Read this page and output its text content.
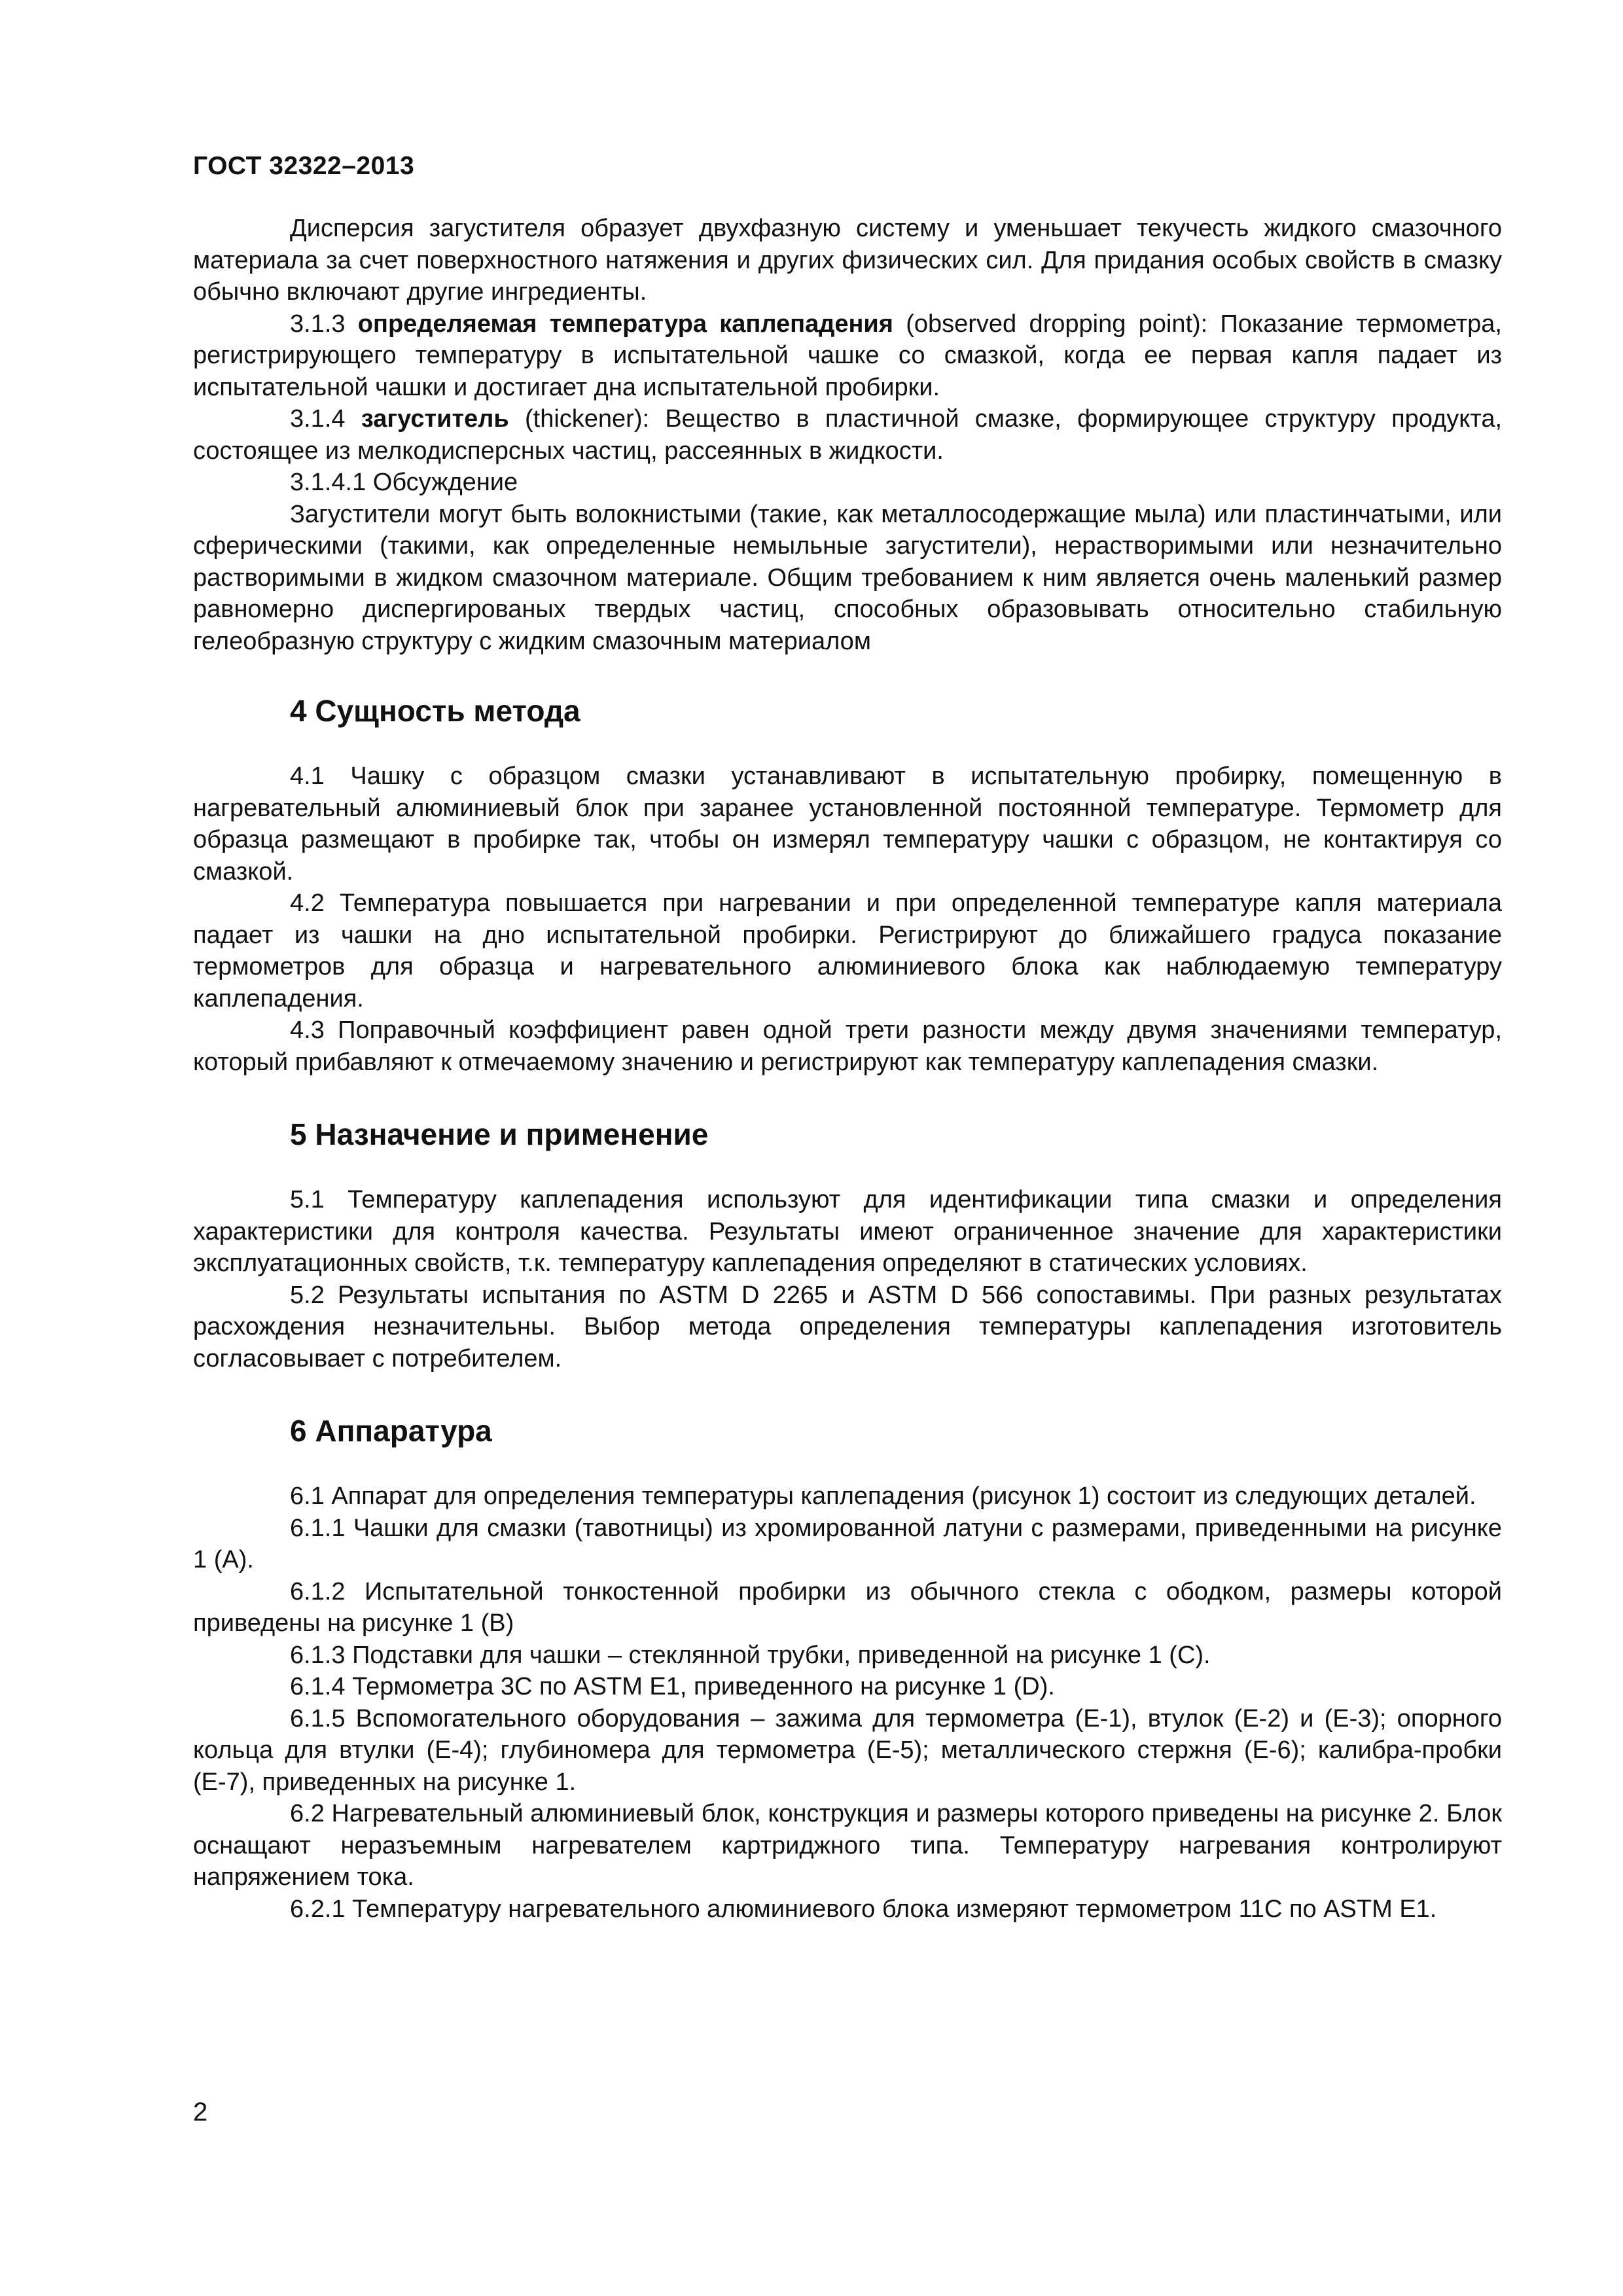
ГОСТ 32322–2013

Дисперсия загустителя образует двухфазную систему и уменьшает текучесть жидкого смазочного материала за счет поверхностного натяжения и других физических сил. Для придания особых свойств в смазку обычно включают другие ингредиенты.

3.1.3 определяемая температура каплепадения (observed dropping point): Показание термометра, регистрирующего температуру в испытательной чашке со смазкой, когда ее первая капля падает из испытательной чашки и достигает дна испытательной пробирки.

3.1.4 загуститель (thickener): Вещество в пластичной смазке, формирующее структуру продукта, состоящее из мелкодисперсных частиц, рассеянных в жидкости.

3.1.4.1 Обсуждение

Загустители могут быть волокнистыми (такие, как металлосодержащие мыла) или пластинчатыми, или сферическими (такими, как определенные немыльные загустители), нерастворимыми или незначительно растворимыми в жидком смазочном материале. Общим требованием к ним является очень маленький размер равномерно диспергированых твердых частиц, способных образовывать относительно стабильную гелеобразную структуру с жидким смазочным материалом

4 Сущность метода

4.1 Чашку с образцом смазки устанавливают в испытательную пробирку, помещенную в нагревательный алюминиевый блок при заранее установленной постоянной температуре. Термометр для образца размещают в пробирке так, чтобы он измерял температуру чашки с образцом, не контактируя со смазкой.

4.2 Температура повышается при нагревании и при определенной температуре капля материала падает из чашки на дно испытательной пробирки. Регистрируют до ближайшего градуса показание термометров для образца и нагревательного алюминиевого блока как наблюдаемую температуру каплепадения.

4.3 Поправочный коэффициент равен одной трети разности между двумя значениями температур, который прибавляют к отмечаемому значению и регистрируют как температуру каплепадения смазки.

5 Назначение и применение

5.1 Температуру каплепадения используют для идентификации типа смазки и определения характеристики для контроля качества. Результаты имеют ограниченное значение для характеристики эксплуатационных свойств, т.к. температуру каплепадения определяют в статических условиях.

5.2 Результаты испытания по ASTM D 2265 и ASTM D 566 сопоставимы. При разных результатах расхождения незначительны. Выбор метода определения температуры каплепадения изготовитель согласовывает с потребителем.

6 Аппаратура

6.1 Аппарат для определения температуры каплепадения (рисунок 1) состоит из следующих деталей.

6.1.1 Чашки для смазки (тавотницы) из хромированной латуни с размерами, приведенными на рисунке 1 (А).

6.1.2 Испытательной тонкостенной пробирки из обычного стекла с ободком, размеры которой приведены на рисунке 1 (В)

6.1.3 Подставки для чашки – стеклянной трубки, приведенной на рисунке 1 (С).

6.1.4 Термометра 3С по ASTM E1, приведенного на рисунке 1 (D).

6.1.5 Вспомогательного оборудования – зажима для термометра (Е-1), втулок (Е-2) и (Е-3); опорного кольца для втулки (Е-4); глубиномера для термометра (Е-5); металлического стержня (Е-6); калибра-пробки (Е-7), приведенных на рисунке 1.

6.2 Нагревательный алюминиевый блок, конструкция и размеры которого приведены на рисунке 2. Блок оснащают неразъемным нагревателем картриджного типа. Температуру нагревания контролируют напряжением тока.

6.2.1 Температуру нагревательного алюминиевого блока измеряют термометром 11С по ASTM E1.

2
